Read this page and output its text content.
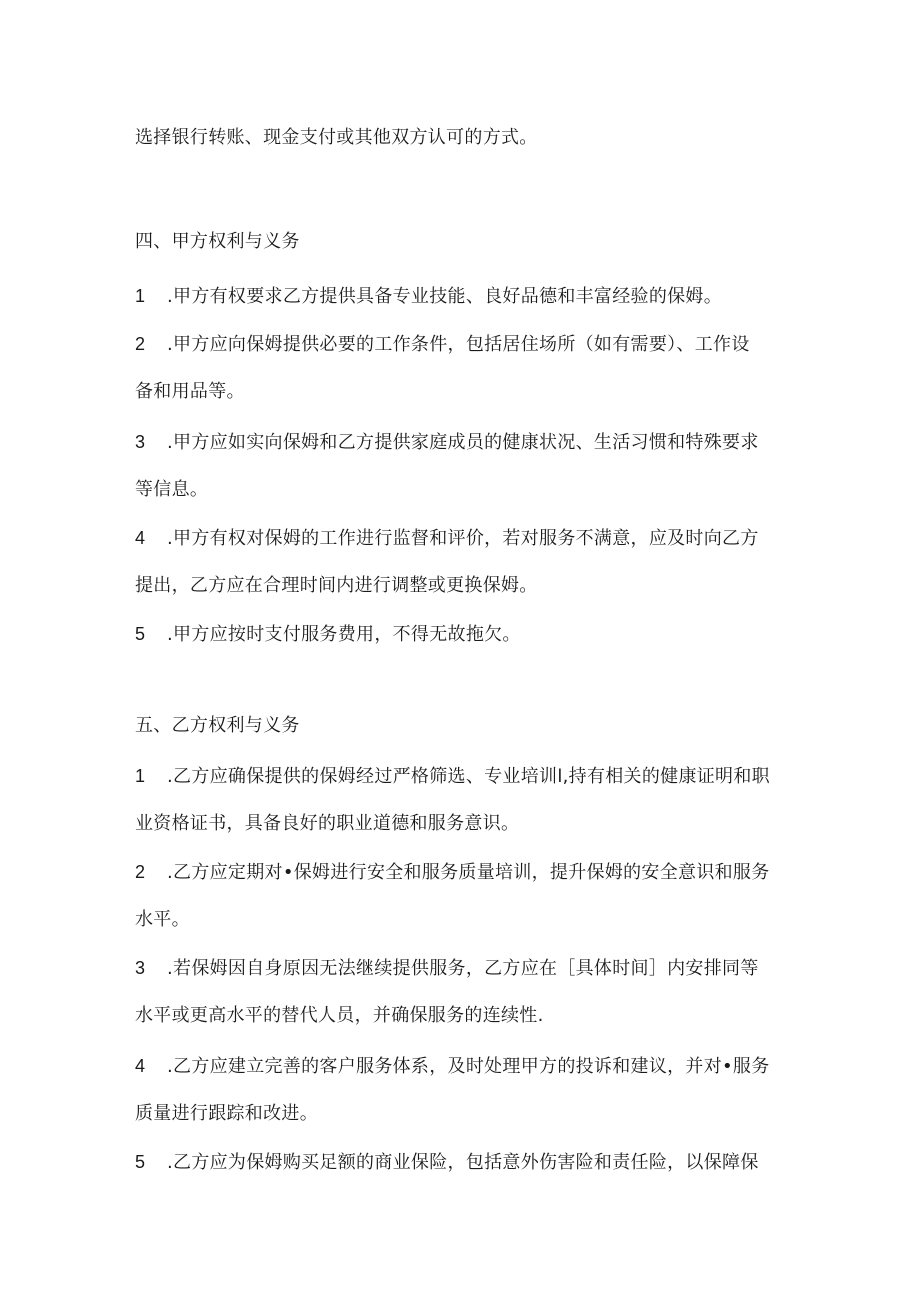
选择银行转账、现金支付或其他双方认可的方式。
四、甲方权利与义务
1 .甲方有权要求乙方提供具备专业技能、良好品德和丰富经验的保姆。
2 .甲方应向保姆提供必要的工作条件，包括居住场所（如有需要）、工作设
备和用品等。
3 .甲方应如实向保姆和乙方提供家庭成员的健康状况、生活习惯和特殊要求
等信息。
4 .甲方有权对保姆的工作进行监督和评价，若对服务不满意，应及时向乙方
提出，乙方应在合理时间内进行调整或更换保姆。
5 .甲方应按时支付服务费用，不得无故拖欠。
五、乙方权利与义务
1 .乙方应确保提供的保姆经过严格筛选、专业培训l,持有相关的健康证明和职
业资格证书，具备良好的职业道德和服务意识。
2 .乙方应定期对•保姆进行安全和服务质量培训，提升保姆的安全意识和服务
水平。
3 .若保姆因自身原因无法继续提供服务，乙方应在［具体时间］内安排同等
水平或更高水平的替代人员，并确保服务的连续性.
4 .乙方应建立完善的客户服务体系，及时处理甲方的投诉和建议，并对•服务
质量进行跟踪和改进。
5 .乙方应为保姆购买足额的商业保险，包括意外伤害险和责任险，以保障保
